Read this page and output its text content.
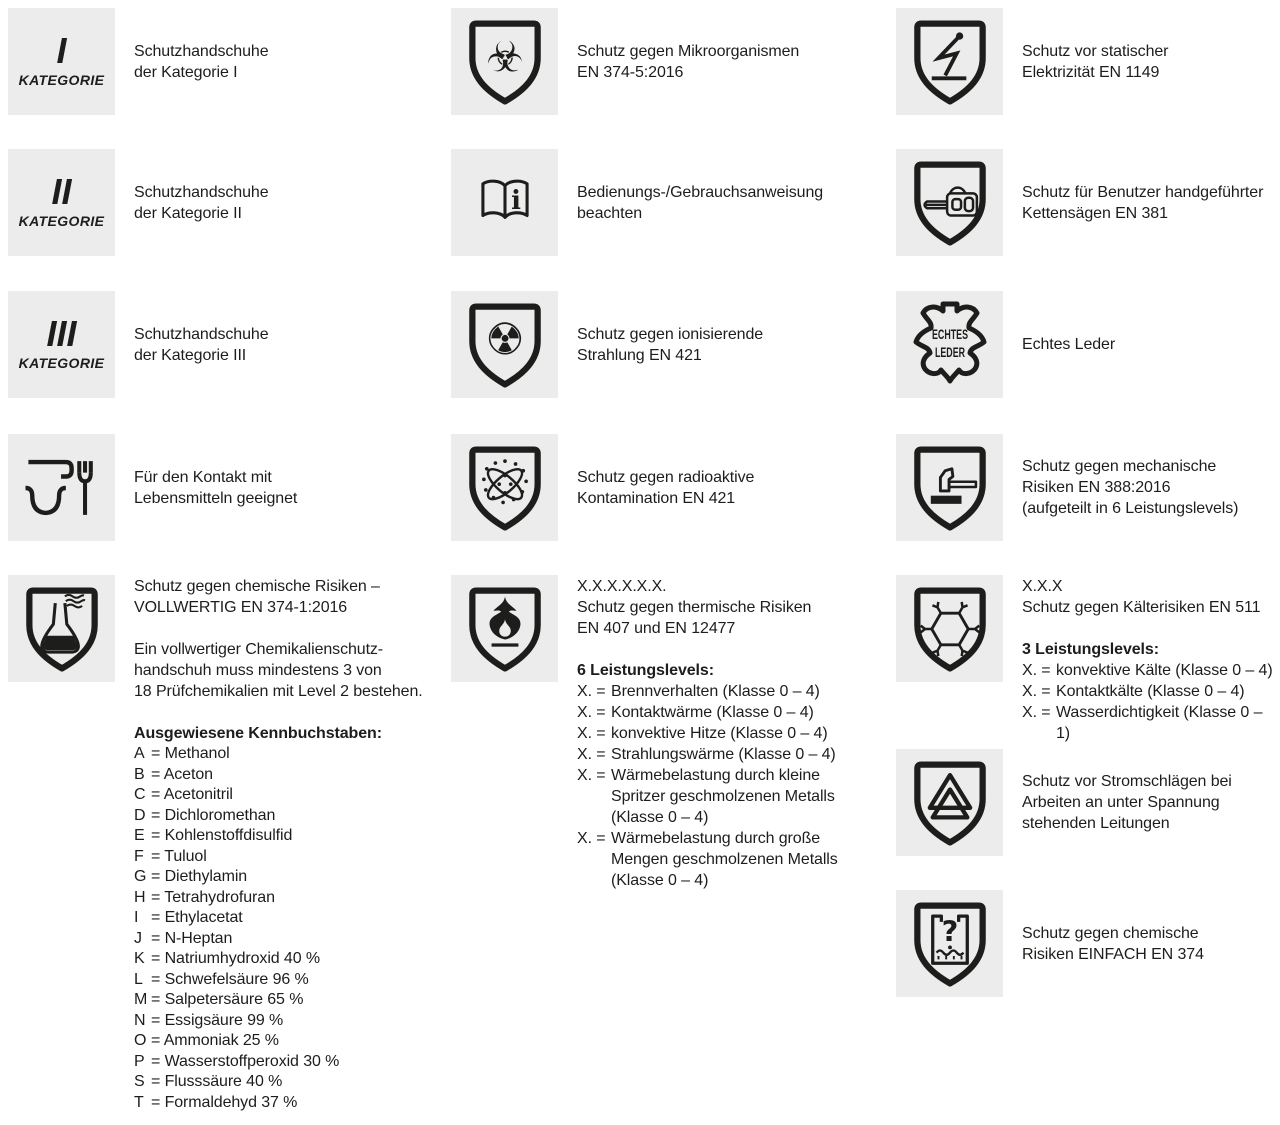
I
KATEGORIE
Schutzhandschuhe
der Kategorie I
II
KATEGORIE
Schutzhandschuhe
der Kategorie II
III
KATEGORIE
Schutzhandschuhe
der Kategorie III
Für den Kontakt mit
Lebensmitteln geeignet
Schutz gegen chemische Risiken –
VOLLWERTIG EN 374-1:2016
Ein vollwertiger Chemikalienschutz-
handschuh muss mindestens 3 von
18 Prüfchemikalien mit Level 2 bestehen.
Ausgewiesene Kennbuchstaben:
A = Methanol
B = Aceton
C = Acetonitril
D = Dichloromethan
E = Kohlenstoffdisulfid
F = Tuluol
G = Diethylamin
H = Tetrahydrofuran
I = Ethylacetat
J = N-Heptan
K = Natriumhydroxid 40 %
L = Schwefelsäure 96 %
M = Salpetersäure 65 %
N = Essigsäure 99 %
O = Ammoniak 25 %
P = Wasserstoffperoxid 30 %
S = Flusssäure 40 %
T = Formaldehyd 37 %
☣	Schutz gegen Mikroorganismen
EN 374-5:2016
i	Bedienungs-/Gebrauchsanweisung
beachten
☢	Schutz gegen ionisierende
Strahlung EN 421
Schutz gegen radioaktive
Kontamination EN 421
X.X.X.X.X.X.
Schutz gegen thermische Risiken
EN 407 und EN 12477
6 Leistungslevels:
X. = Brennverhalten (Klasse 0 – 4)
X. = Kontaktwärme (Klasse 0 – 4)
X. = konvektive Hitze (Klasse 0 – 4)
X. = Strahlungswärme (Klasse 0 – 4)
X. = Wärmebelastung durch kleine
Spritzer geschmolzenen Metalls
(Klasse 0 – 4)
X. = Wärmebelastung durch große
Mengen geschmolzenen Metalls
(Klasse 0 – 4)
Schutz vor statischer
Elektrizität EN 1149
Schutz für Benutzer handgeführter
Kettensägen EN 381
ECHTES
LEDER	Echtes Leder
Schutz gegen mechanische
Risiken EN 388:2016
(aufgeteilt in 6 Leistungslevels)
X.X.X
Schutz gegen Kälterisiken EN 511
3 Leistungslevels:
X. = konvektive Kälte (Klasse 0 – 4)
X. = Kontaktkälte (Klasse 0 – 4)
X. = Wasserdichtigkeit (Klasse 0 – 1)
Schutz vor Stromschlägen bei
Arbeiten an unter Spannung
stehenden Leitungen
?	Schutz gegen chemische
Risiken EINFACH EN 374
